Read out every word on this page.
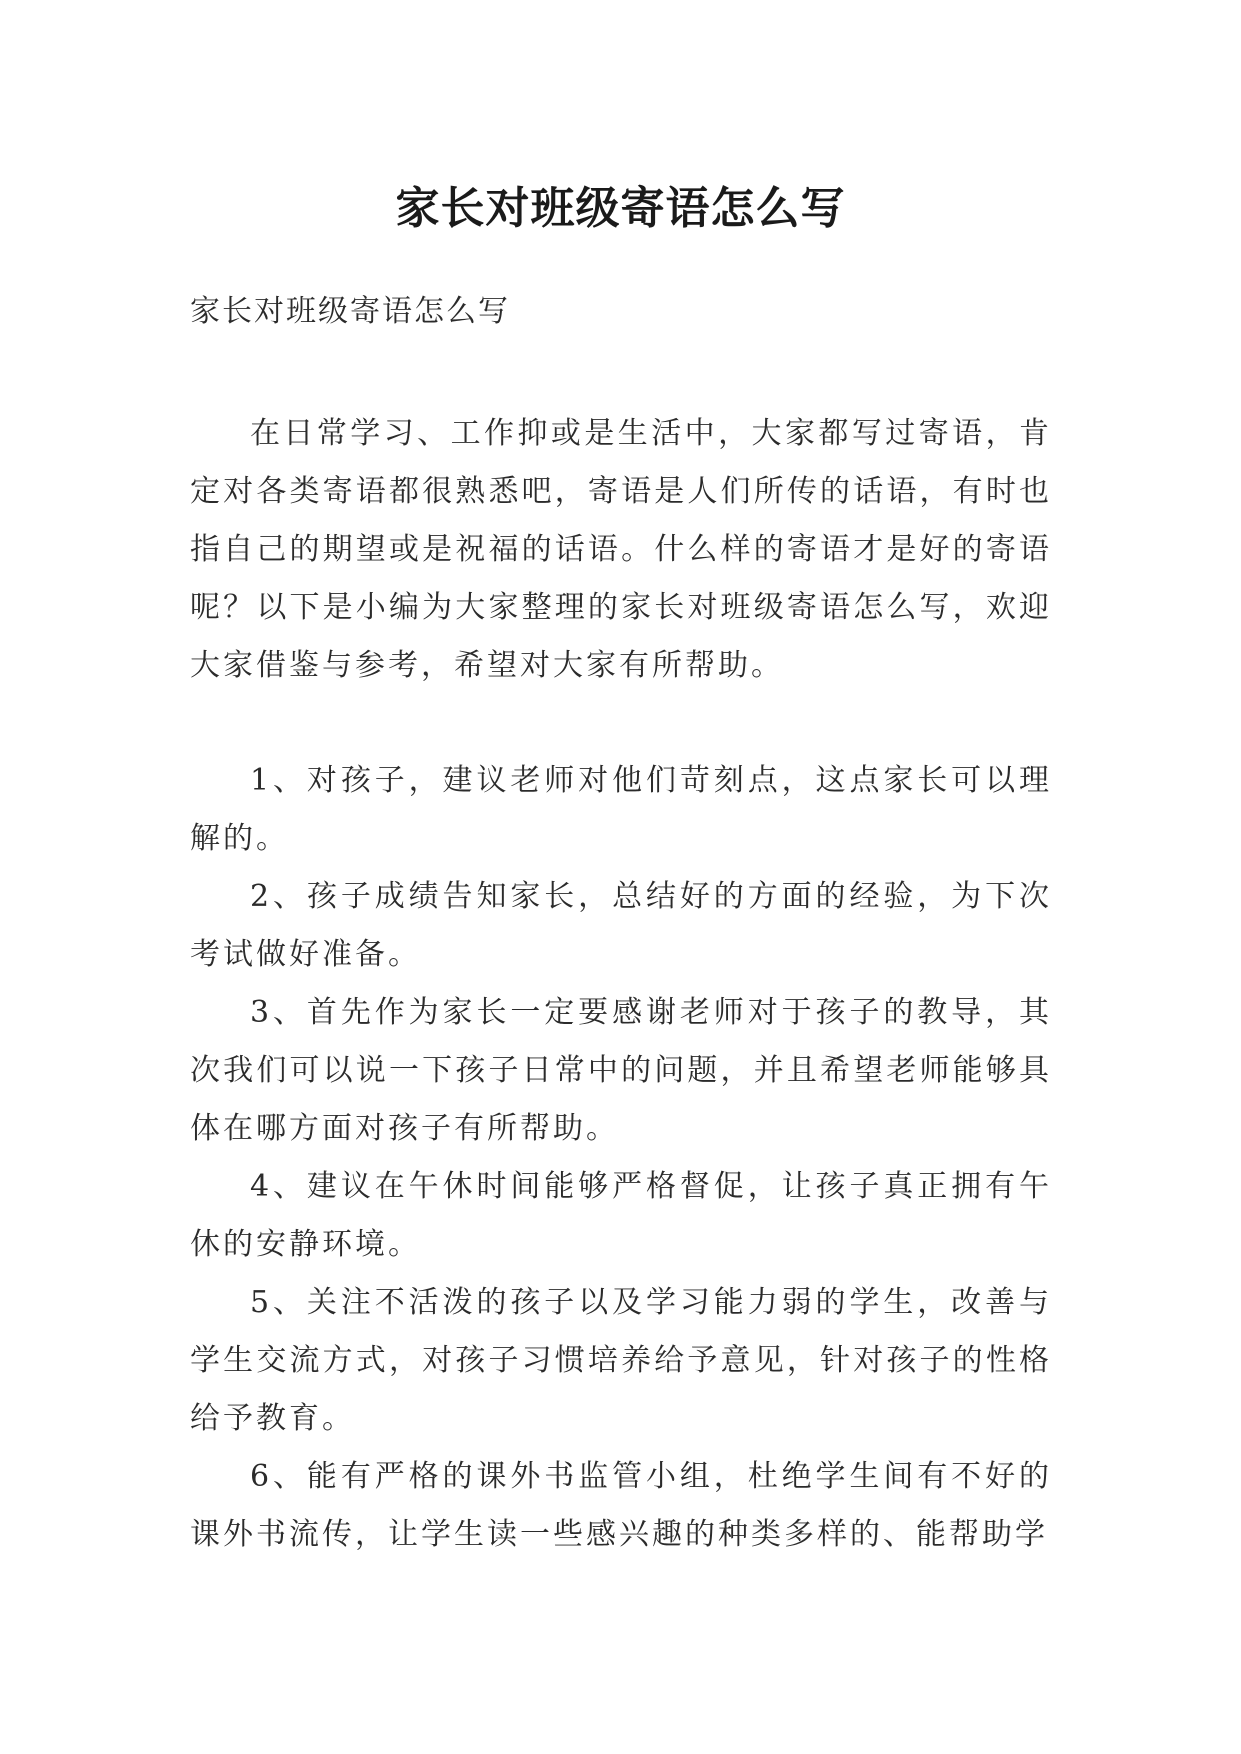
家长对班级寄语怎么写
家长对班级寄语怎么写

在日常学习、工作抑或是生活中，大家都写过寄语，肯定对各类寄语都很熟悉吧，寄语是人们所传的话语，有时也指自己的期望或是祝福的话语。什么样的寄语才是好的寄语呢？以下是小编为大家整理的家长对班级寄语怎么写，欢迎大家借鉴与参考，希望对大家有所帮助。

1、对孩子，建议老师对他们苛刻点，这点家长可以理解的。

2、孩子成绩告知家长，总结好的方面的经验，为下次考试做好准备。

3、首先作为家长一定要感谢老师对于孩子的教导，其次我们可以说一下孩子日常中的问题，并且希望老师能够具体在哪方面对孩子有所帮助。

4、建议在午休时间能够严格督促，让孩子真正拥有午休的安静环境。

5、关注不活泼的孩子以及学习能力弱的学生，改善与学生交流方式，对孩子习惯培养给予意见，针对孩子的性格给予教育。

6、能有严格的课外书监管小组，杜绝学生间有不好的课外书流传，让学生读一些感兴趣的种类多样的、能帮助学
